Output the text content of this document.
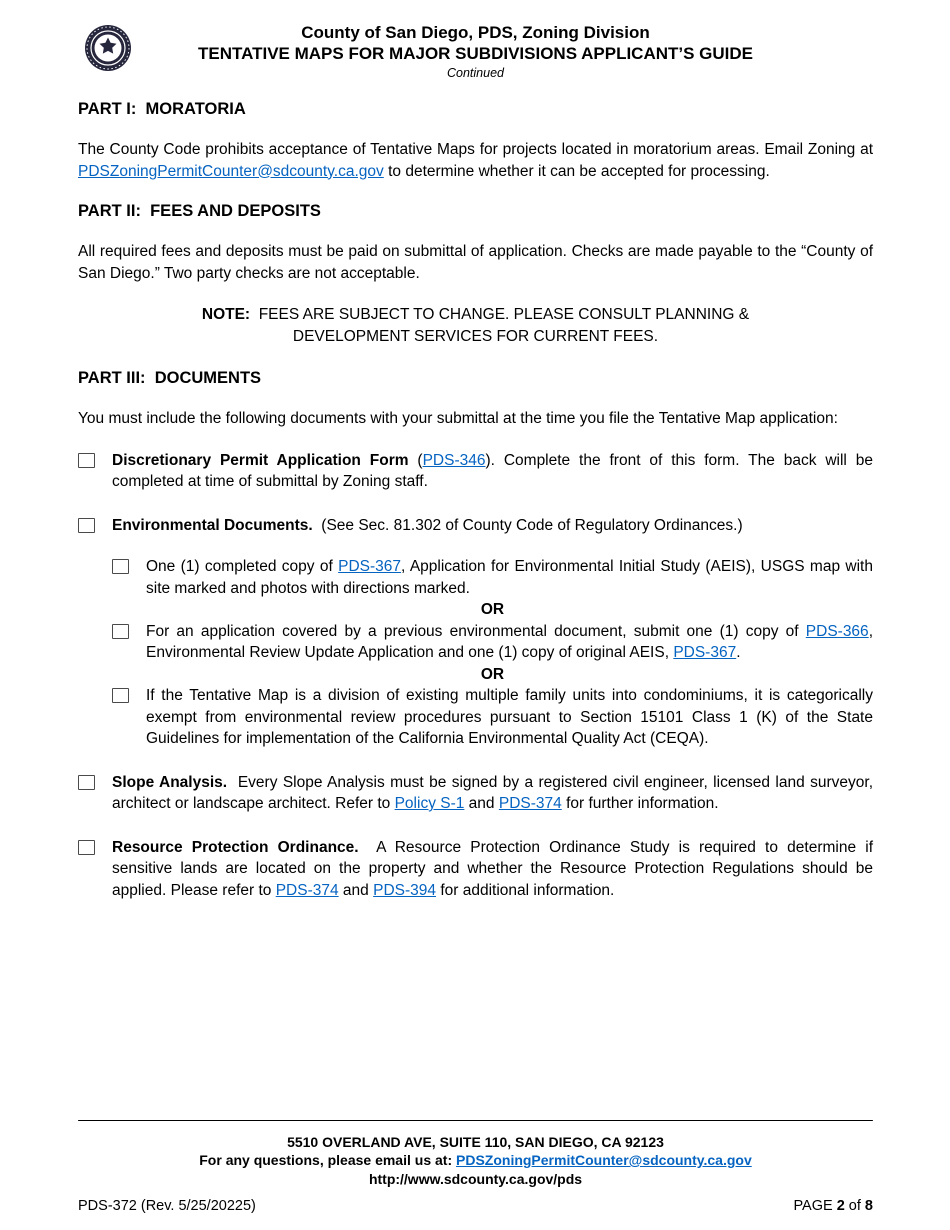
County of San Diego, PDS, Zoning Division
TENTATIVE MAPS FOR MAJOR SUBDIVISIONS APPLICANT’S GUIDE
Continued
PART I:  MORATORIA

The County Code prohibits acceptance of Tentative Maps for projects located in moratorium areas. Email Zoning at PDSZoningPermitCounter@sdcounty.ca.gov to determine whether it can be accepted for processing.

PART II:  FEES AND DEPOSITS

All required fees and deposits must be paid on submittal of application. Checks are made payable to the “County of San Diego.” Two party checks are not acceptable.

NOTE:  FEES ARE SUBJECT TO CHANGE. PLEASE CONSULT PLANNING & DEVELOPMENT SERVICES FOR CURRENT FEES.
PART III:  DOCUMENTS

You must include the following documents with your submittal at the time you file the Tentative Map application:

Discretionary Permit Application Form (PDS-346). Complete the front of this form. The back will be completed at time of submittal by Zoning staff.
Environmental Documents.  (See Sec. 81.302 of County Code of Regulatory Ordinances.)
One (1) completed copy of PDS-367, Application for Environmental Initial Study (AEIS), USGS map with site marked and photos with directions marked.
OR
For an application covered by a previous environmental document, submit one (1) copy of PDS-366, Environmental Review Update Application and one (1) copy of original AEIS, PDS-367.
OR
If the Tentative Map is a division of existing multiple family units into condominiums, it is categorically exempt from environmental review procedures pursuant to Section 15101 Class 1 (K) of the State Guidelines for implementation of the California Environmental Quality Act (CEQA).
Slope Analysis.  Every Slope Analysis must be signed by a registered civil engineer, licensed land surveyor, architect or landscape architect. Refer to Policy S-1 and PDS-374 for further information.
Resource Protection Ordinance.  A Resource Protection Ordinance Study is required to determine if sensitive lands are located on the property and whether the Resource Protection Regulations should be applied. Please refer to PDS-374 and PDS-394 for additional information.
5510 OVERLAND AVE, SUITE 110, SAN DIEGO, CA 92123
For any questions, please email us at: PDSZoningPermitCounter@sdcounty.ca.gov
http://www.sdcounty.ca.gov/pds
PDS-372 (Rev. 5/25/20225)	PAGE 2 of 8
